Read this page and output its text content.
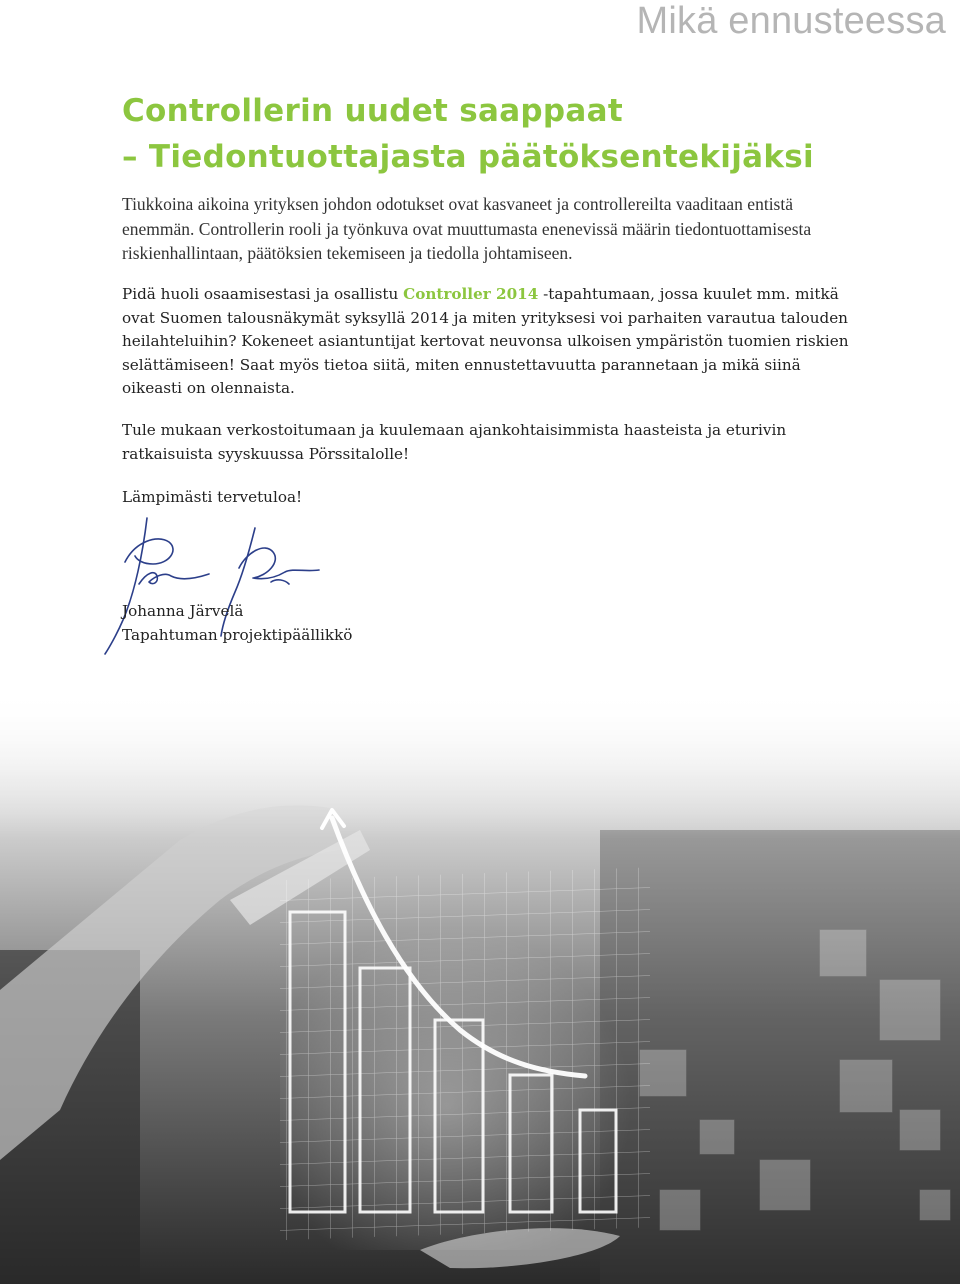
Mikä ennusteessa
Controllerin uudet saappaat
– Tiedontuottajasta päätöksentekijäksi

Tiukkoina aikoina yrityksen johdon odotukset ovat kasvaneet ja controllereilta vaaditaan entistä enemmän. Controllerin rooli ja työnkuva ovat muuttumasta enenevissä määrin tiedontuottamisesta riskienhallintaan, päätöksien tekemiseen ja tiedolla johtamiseen.

Pidä huoli osaamisestasi ja osallistu Controller 2014 -tapahtumaan, jossa kuulet mm. mitkä ovat Suomen talousnäkymät syksyllä 2014 ja miten yrityksesi voi parhaiten varautua talouden heilahteluihin? Kokeneet asiantuntijat kertovat neuvonsa ulkoisen ympäristön tuomien riskien selättämiseen! Saat myös tietoa siitä, miten ennustettavuutta parannetaan ja mikä siinä oikeasti on olennaista.

Tule mukaan verkostoitumaan ja kuulemaan ajankohtaisimmista haasteista ja eturivin ratkaisuista syyskuussa Pörssitalolle!

Lämpimästi tervetuloa!

Johanna Järvelä
Tapahtuman projektipäällikkö
